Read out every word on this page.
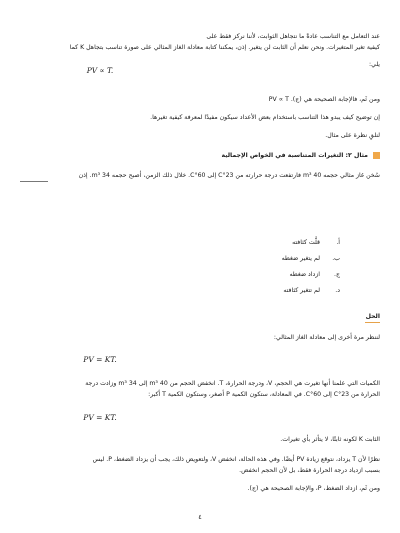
عند التعامل مع التناسب عادةً ما نتجاهل الثوابت، لأننا نركز فقط على
كيفية تغير المتغيرات. ونحن نعلم أن الثابت لن يتغير. إذن، يمكننا كتابة معادلة الغاز المثالي على صورة تناسب بتجاهل K كما
يلي:
PV ∝ T.
ومن ثَم، فالإجابة الصحيحة هي (ج). PV ∝ T
إن توضيح كيف يبدو هذا التناسب باستخدام بعض الأعداد سيكون مفيدًا لمعرفة كيفية تغيرها.
لنلقِ نظرة على مثال.
مثال ٢: التغيرات المتناسبة في الخواص الإجمالية
سُخن غاز مثالي حجمه 40 m³ فارتفعت درجة حرارته من 23°C إلى 60°C. خلال ذلك الزمن، أصبح حجمه 34 m³. إذن
أ.قلَّت كثافته
ب.لم يتغير ضغطه
ج.ازداد ضغطه
د.لم تتغير كثافته
الحل
لننظر مرة أخرى إلى معادلة الغاز المثالي:
PV = KT.
الكميات التي علمنا أنها تغيرت هي الحجم، V، ودرجة الحرارة، T. انخفض الحجم من 40 m³ إلى 34 m³ وزادت درجة
الحرارة من 23°C إلى 60°C. في المعادلة، ستكون الكمية P أصغر، وستكون الكمية T أكبر:
PV = KT.
الثابت K لكونه ثابتًا، لا يتأثر بأي تغيرات.
نظرًا لأن T يزداد، نتوقع زيادة PV أيضًا. وفي هذه الحالة، انخفض V، ولتعويض ذلك، يجب أن يزداد الضغط، P. ليس
بسبب ازدياد درجة الحرارة فقط، بل لأن الحجم انخفض.
ومن ثَم، ازداد الضغط، P، والإجابة الصحيحة هي (ج).
٤
